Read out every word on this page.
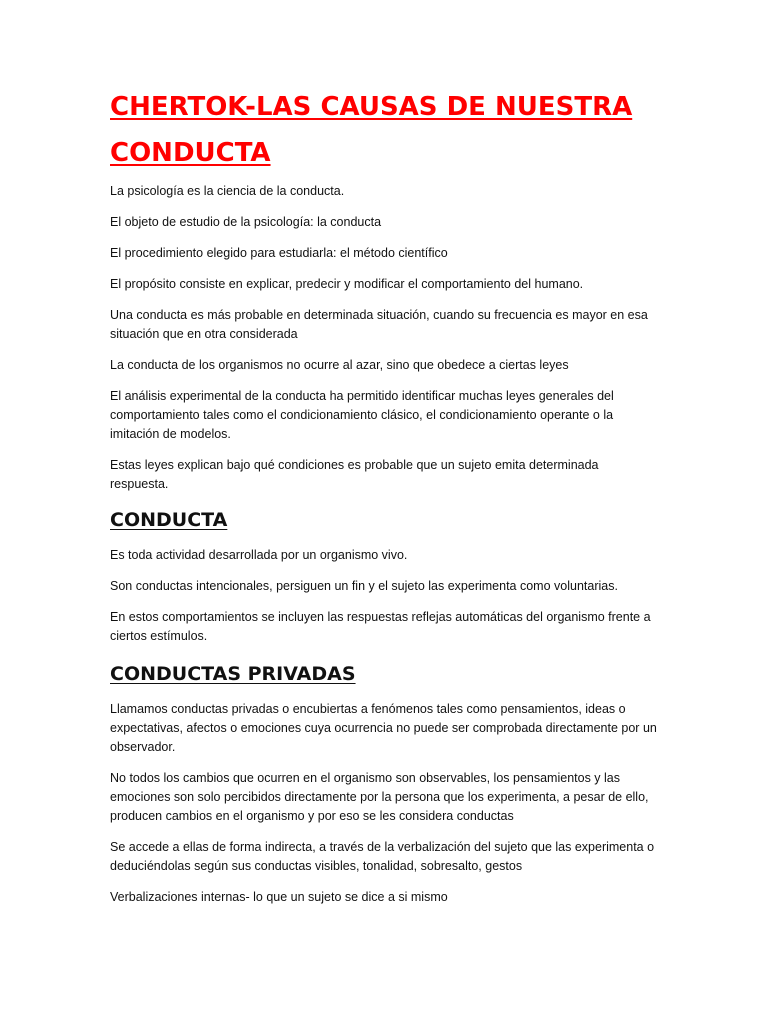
CHERTOK-LAS CAUSAS DE NUESTRA CONDUCTA

La psicología es la ciencia de la conducta.

El objeto de estudio de la psicología: la conducta

El procedimiento elegido para estudiarla: el método científico

El propósito consiste en explicar, predecir y modificar el comportamiento del humano.

Una conducta es más probable en determinada situación, cuando su frecuencia es mayor en esa situación que en otra considerada

La conducta de los organismos no ocurre al azar, sino que obedece a ciertas leyes

El análisis experimental de la conducta ha permitido identificar muchas leyes generales del comportamiento tales como el condicionamiento clásico, el condicionamiento operante o la imitación de modelos.

Estas leyes explican bajo qué condiciones es probable que un sujeto emita determinada respuesta.

CONDUCTA

Es toda actividad desarrollada por un organismo vivo.

Son conductas intencionales, persiguen un fin y el sujeto las experimenta como voluntarias.

En estos comportamientos se incluyen las respuestas reflejas automáticas del organismo frente a ciertos estímulos.

CONDUCTAS PRIVADAS

Llamamos conductas privadas o encubiertas a fenómenos tales como pensamientos, ideas o expectativas, afectos o emociones cuya ocurrencia no puede ser comprobada directamente por un observador.

No todos los cambios que ocurren en el organismo son observables, los pensamientos y las emociones son solo percibidos directamente por la persona que los experimenta, a pesar de ello, producen cambios en el organismo y por eso se les considera conductas

Se accede a ellas de forma indirecta, a través de la verbalización del sujeto que las experimenta o deduciéndolas según sus conductas visibles, tonalidad, sobresalto, gestos

Verbalizaciones internas- lo que un sujeto se dice a si mismo
